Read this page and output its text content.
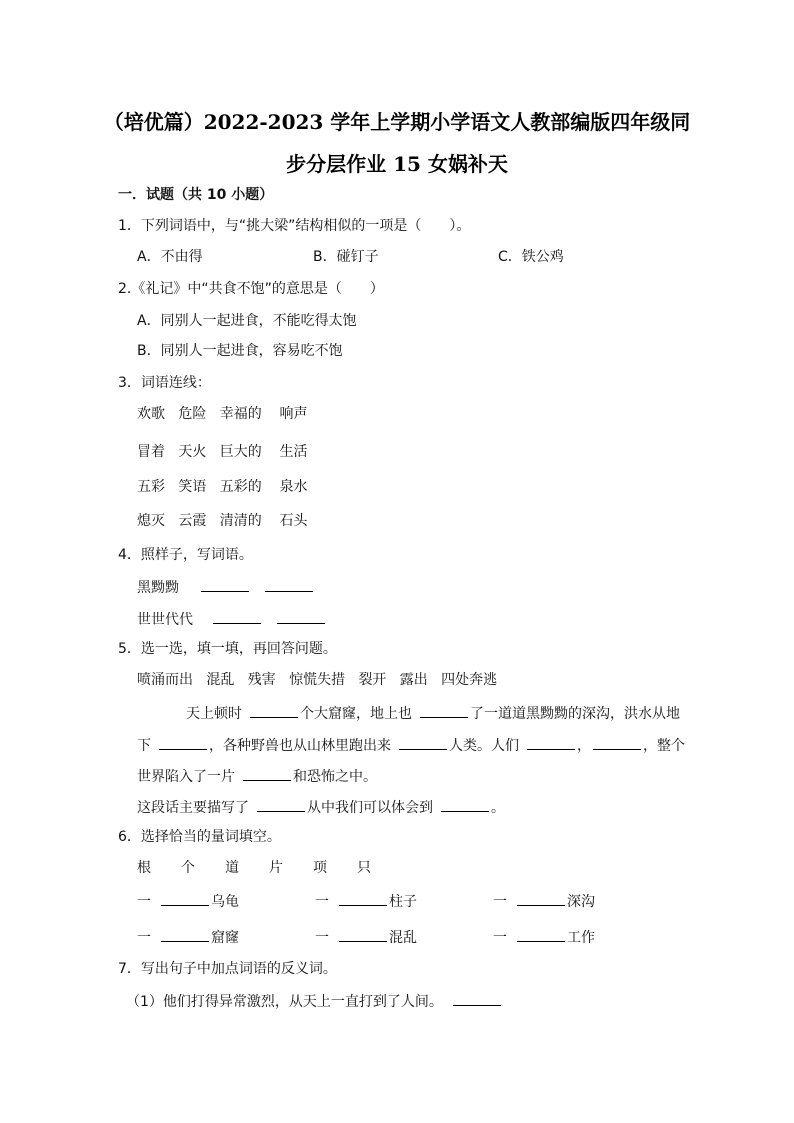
（培优篇）2022-2023 学年上学期小学语文人教部编版四年级同
步分层作业 15 女娲补天
一．试题（共 10 小题）
1．下列词语中，与“挑大梁”结构相似的一项是（　　）。
A．不由得	B．碰钉子	C．铁公鸡
2.《礼记》中“共食不饱”的意思是（　　）
A．同别人一起进食，不能吃得太饱
B．同别人一起进食，容易吃不饱
3．词语连线：
欢歌 危险 幸福的 响声
冒着 天火 巨大的 生活
五彩 笑语 五彩的 泉水
熄灭 云霞 清清的 石头
4．照样子，写词语。
黑黝黝
世世代代
5．选一选，填一填，再回答问题。
喷涌而出 混乱 残害 惊慌失措 裂开 露出 四处奔逃
天上顿时	个大窟窿，地上也	了一道道黑黝黝的深沟，洪水从地
下	，各种野兽也从山林里跑出来	人类。人们	，	，整个
世界陷入了一片	和恐怖之中。
这段话主要描写了	从中我们可以体会到	。
6．选择恰当的量词填空。
根 个 道 片 项 只
一	乌龟	一	柱子	一	深沟
一	窟窿	一	混乱	一	工作
7．写出句子中加点词语的反义词。
（1）他们打得异常激烈，从天上一直打到了人间。
